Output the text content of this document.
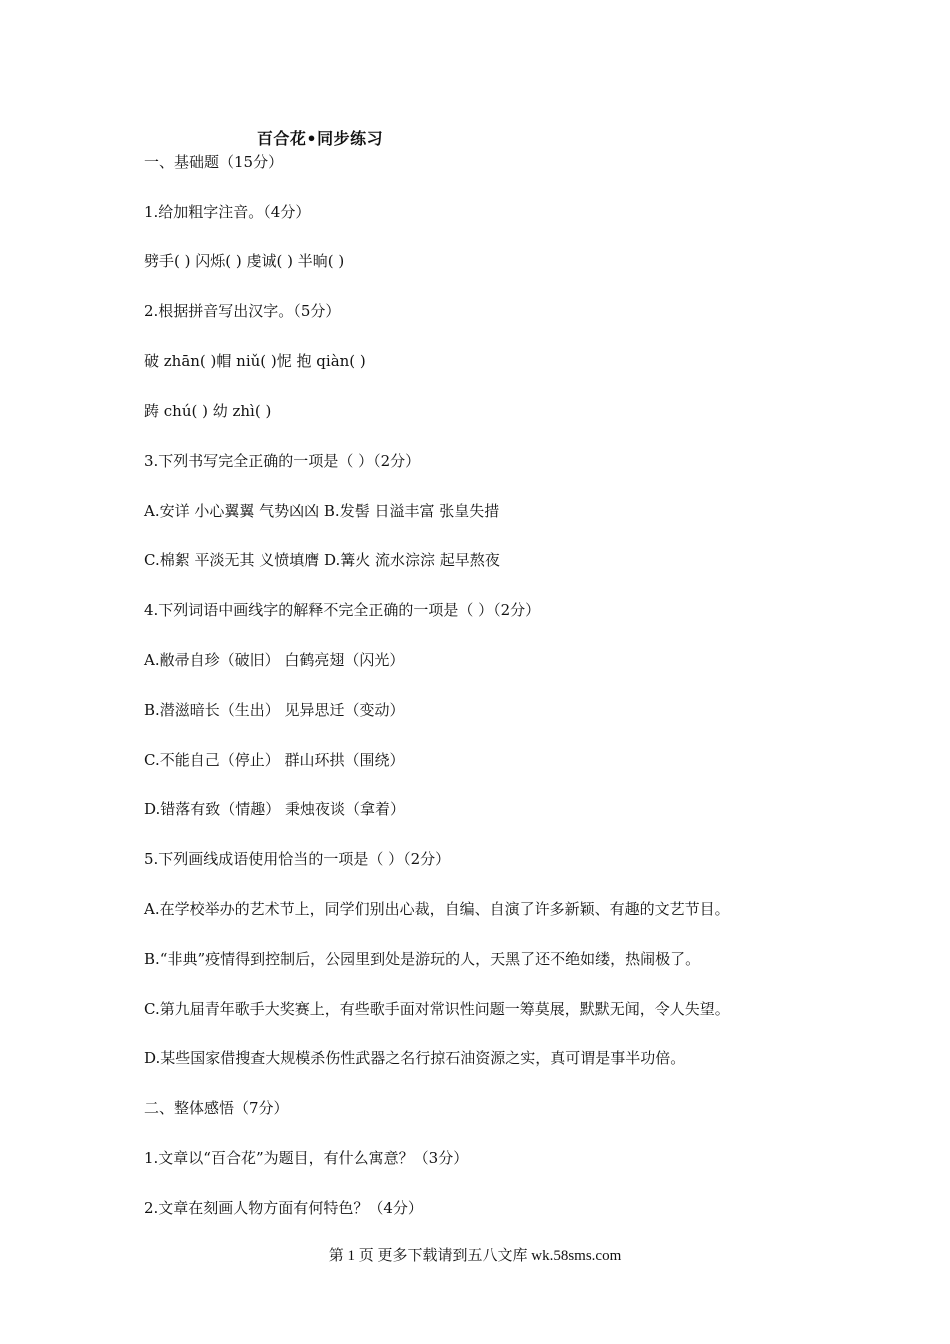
百合花•同步练习
一、基础题（15分）
1.给加粗字注音。（4分）
劈手( ) 闪烁( ) 虔诚( ) 半晌( )
2.根据拼音写出汉字。（5分）
破 zhān( )帽 niǔ( )怩 抱 qiàn( )
踌 chú( ) 幼 zhì( )
3.下列书写完全正确的一项是（ ）（2分）
A.安详 小心翼翼 气势凶凶 B.发髻 日溢丰富 张皇失措
C.棉絮 平淡无其 义愤填膺 D.篝火 流水淙淙 起早熬夜
4.下列词语中画线字的解释不完全正确的一项是（ ）（2分）
A.敝帚自珍（破旧） 白鹤亮翅（闪光）
B.潜滋暗长（生出） 见异思迁（变动）
C.不能自己（停止） 群山环拱（围绕）
D.错落有致（情趣） 秉烛夜谈（拿着）
5.下列画线成语使用恰当的一项是（ ）（2分）
A.在学校举办的艺术节上，同学们别出心裁，自编、自演了许多新颖、有趣的文艺节目。
B.“非典”疫情得到控制后，公园里到处是游玩的人，天黑了还不绝如缕，热闹极了。
C.第九届青年歌手大奖赛上，有些歌手面对常识性问题一筹莫展，默默无闻，令人失望。
D.某些国家借搜查大规模杀伤性武器之名行掠石油资源之实，真可谓是事半功倍。
二、整体感悟（7分）
1.文章以“百合花”为题目，有什么寓意？（3分）
2.文章在刻画人物方面有何特色？（4分）
第 1 页 更多下载请到五八文库 wk.58sms.com
